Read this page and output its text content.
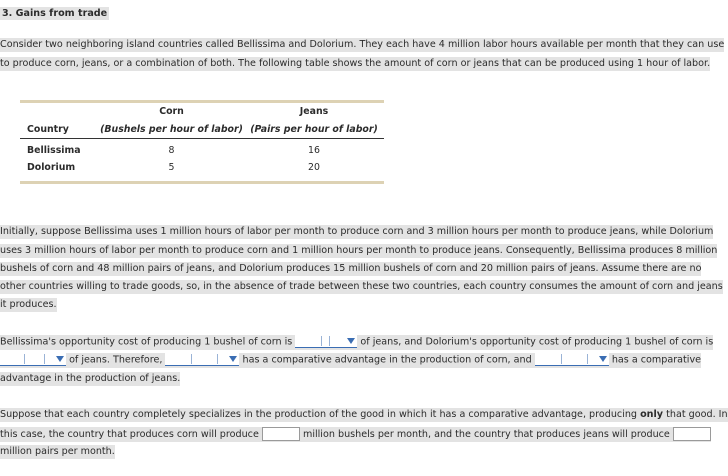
3. Gains from trade
Consider two neighboring island countries called Bellissima and Dolorium. They each have 4 million labor hours available per month that they can use
to produce corn, jeans, or a combination of both. The following table shows the amount of corn or jeans that can be produced using 1 hour of labor.
	Corn	Jeans
Country	(Bushels per hour of labor)	(Pairs per hour of labor)
Bellissima	8	16
Dolorium	5	20
Initially, suppose Bellissima uses 1 million hours of labor per month to produce corn and 3 million hours per month to produce jeans, while Dolorium
uses 3 million hours of labor per month to produce corn and 1 million hours per month to produce jeans. Consequently, Bellissima produces 8 million
bushels of corn and 48 million pairs of jeans, and Dolorium produces 15 million bushels of corn and 20 million pairs of jeans. Assume there are no
other countries willing to trade goods, so, in the absence of trade between these two countries, each country consumes the amount of corn and jeans
it produces.
Bellissima's opportunity cost of producing 1 bushel of corn is	of jeans, and Dolorium's opportunity cost of producing 1 bushel of corn is
of jeans. Therefore,	has a comparative advantage in the production of corn, and	has a comparative
advantage in the production of jeans.
Suppose that each country completely specializes in the production of the good in which it has a comparative advantage, producing only that good. In
this case, the country that produces corn will produce	million bushels per month, and the country that produces jeans will produce
million pairs per month.
